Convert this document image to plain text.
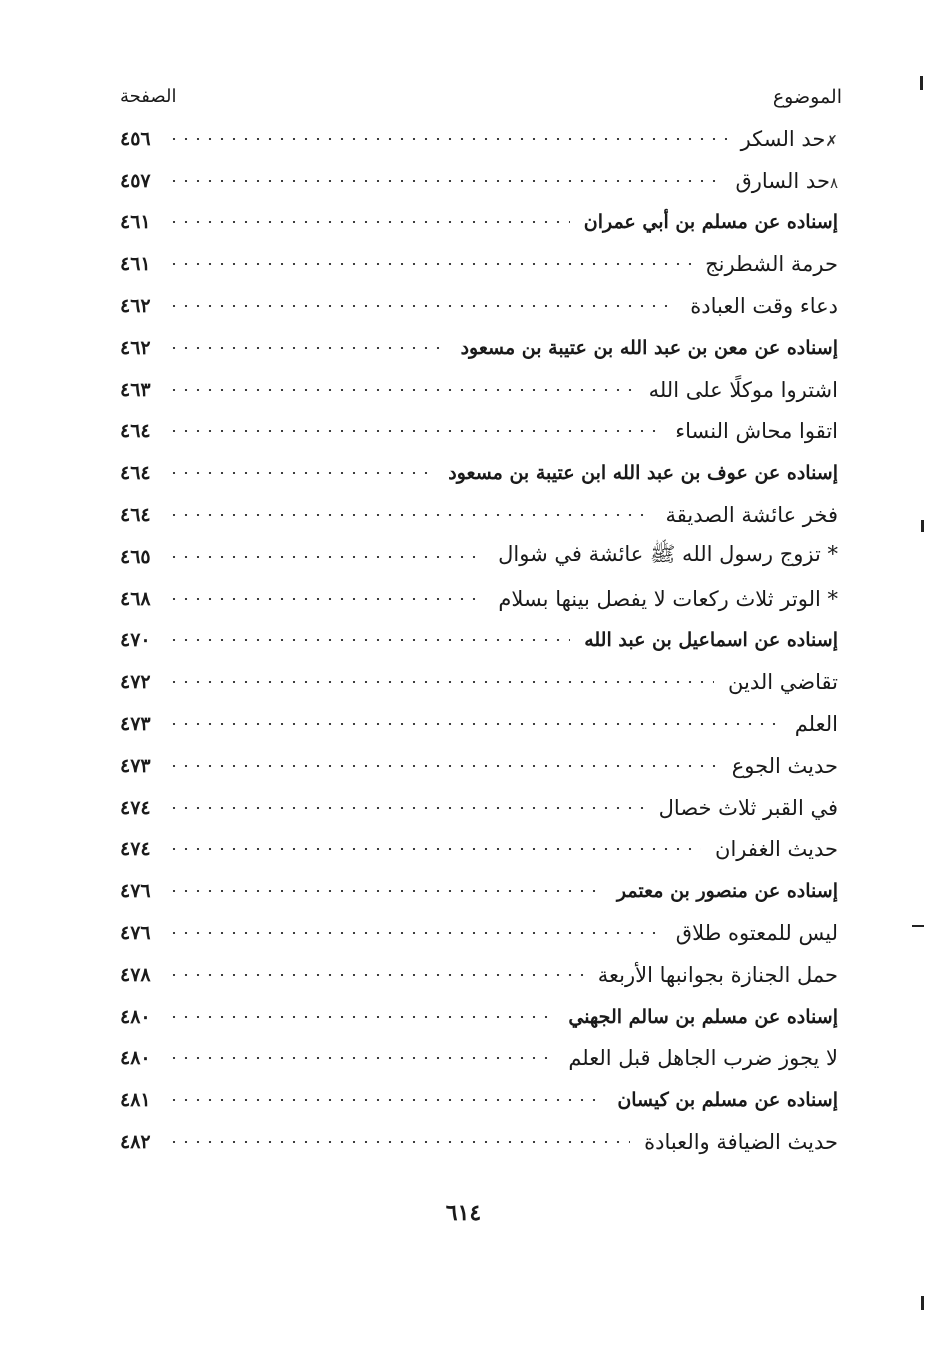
الموضوع
الصفحة
✗حد السكر
٤٥٦
٨حد السارق
٤٥٧
إسناده عن مسلم بن أبي عمران
٤٦١
حرمة الشطرنج
٤٦١
دعاء وقت العبادة
٤٦٢
إسناده عن معن بن عبد الله بن عتيبة بن مسعود
٤٦٢
اشتروا موكلًا على الله
٤٦٣
اتقوا محاش النساء
٤٦٤
إسناده عن عوف بن عبد الله ابن عتيبة بن مسعود
٤٦٤
فخر عائشة الصديقة
٤٦٤
* تزوج رسول الله ﷺ عائشة في شوال
٤٦٥
* الوتر ثلاث ركعات لا يفصل بينها بسلام
٤٦٨
إسناده عن اسماعيل بن عبد الله
٤٧٠
تقاضي الدين
٤٧٢
العلم
٤٧٣
حديث الجوع
٤٧٣
في القبر ثلاث خصال
٤٧٤
حديث الغفران
٤٧٤
إسناده عن منصور بن معتمر
٤٧٦
ليس للمعتوه طلاق
٤٧٦
حمل الجنازة بجوانبها الأربعة
٤٧٨
إسناده عن مسلم بن سالم الجهني
٤٨٠
لا يجوز ضرب الجاهل قبل العلم
٤٨٠
إسناده عن مسلم بن كيسان
٤٨١
حديث الضيافة والعبادة
٤٨٢
٦١٤
